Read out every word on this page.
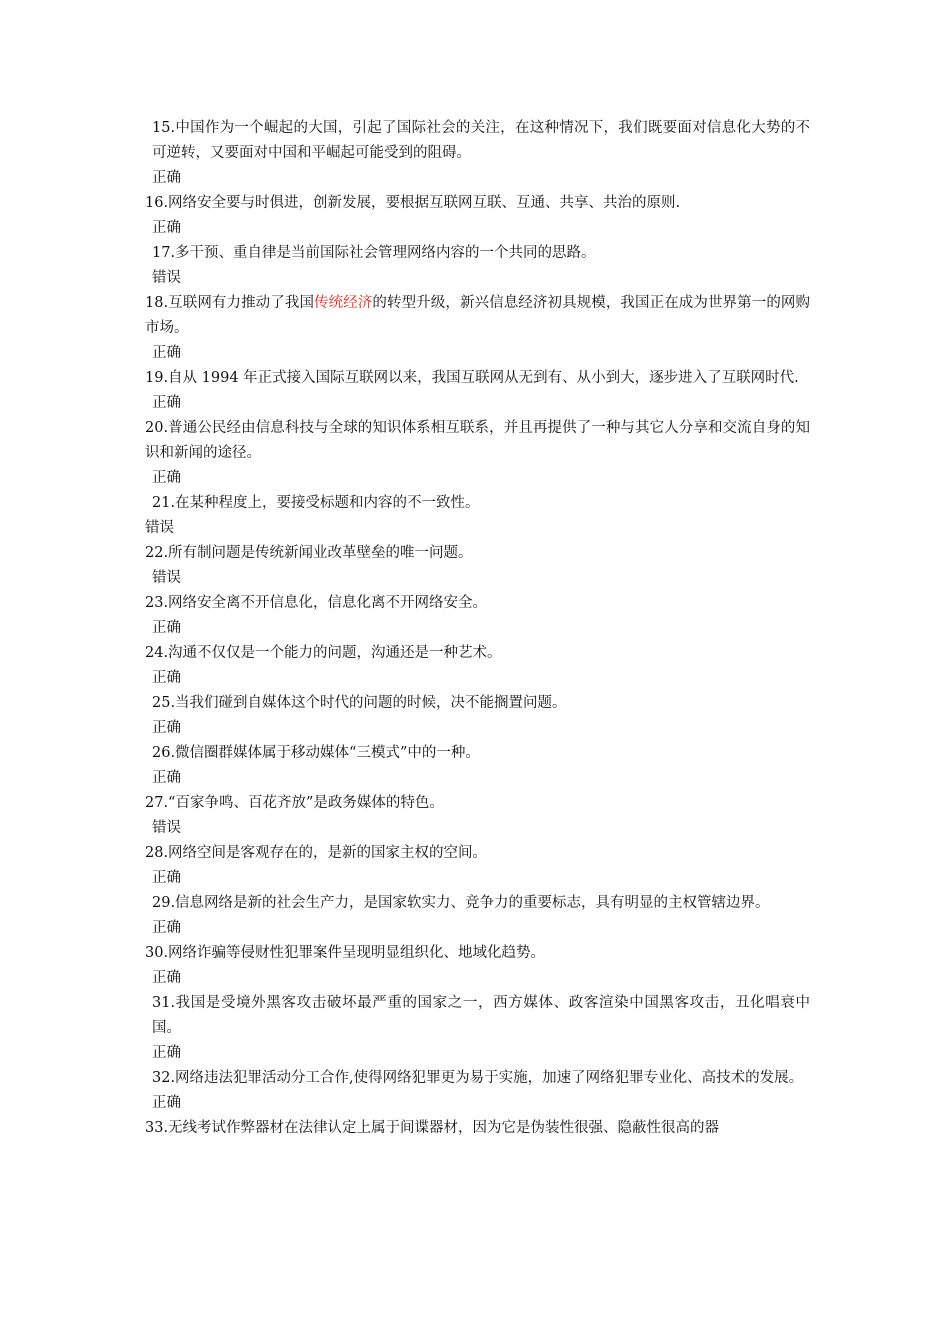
15.中国作为一个崛起的大国，引起了国际社会的关注，在这种情况下，我们既要面对信息化大势的不可逆转，又要面对中国和平崛起可能受到的阻碍。
正确
16.网络安全要与时俱进，创新发展，要根据互联网互联、互通、共享、共治的原则.
正确
17.多干预、重自律是当前国际社会管理网络内容的一个共同的思路。
错误
18.互联网有力推动了我国传统经济的转型升级，新兴信息经济初具规模，我国正在成为世界第一的网购市场。
正确
19.自从 1994 年正式接入国际互联网以来，我国互联网从无到有、从小到大，逐步进入了互联网时代.
正确
20.普通公民经由信息科技与全球的知识体系相互联系，并且再提供了一种与其它人分享和交流自身的知识和新闻的途径。
正确
21.在某种程度上，要接受标题和内容的不一致性。
错误
22.所有制问题是传统新闻业改革壁垒的唯一问题。
错误
23.网络安全离不开信息化，信息化离不开网络安全。
正确
24.沟通不仅仅是一个能力的问题，沟通还是一种艺术。
正确
25.当我们碰到自媒体这个时代的问题的时候，决不能搁置问题。
正确
26.微信圈群媒体属于移动媒体“三模式”中的一种。
正确
27.“百家争鸣、百花齐放”是政务媒体的特色。
错误
28.网络空间是客观存在的，是新的国家主权的空间。
正确
29.信息网络是新的社会生产力，是国家软实力、竞争力的重要标志，具有明显的主权管辖边界。
正确
30.网络诈骗等侵财性犯罪案件呈现明显组织化、地域化趋势。
正确
31.我国是受境外黑客攻击破坏最严重的国家之一，西方媒体、政客渲染中国黑客攻击，丑化唱衰中国。
正确
32.网络违法犯罪活动分工合作,使得网络犯罪更为易于实施，加速了网络犯罪专业化、高技术的发展。
正确
33.无线考试作弊器材在法律认定上属于间谍器材，因为它是伪装性很强、隐蔽性很高的器
